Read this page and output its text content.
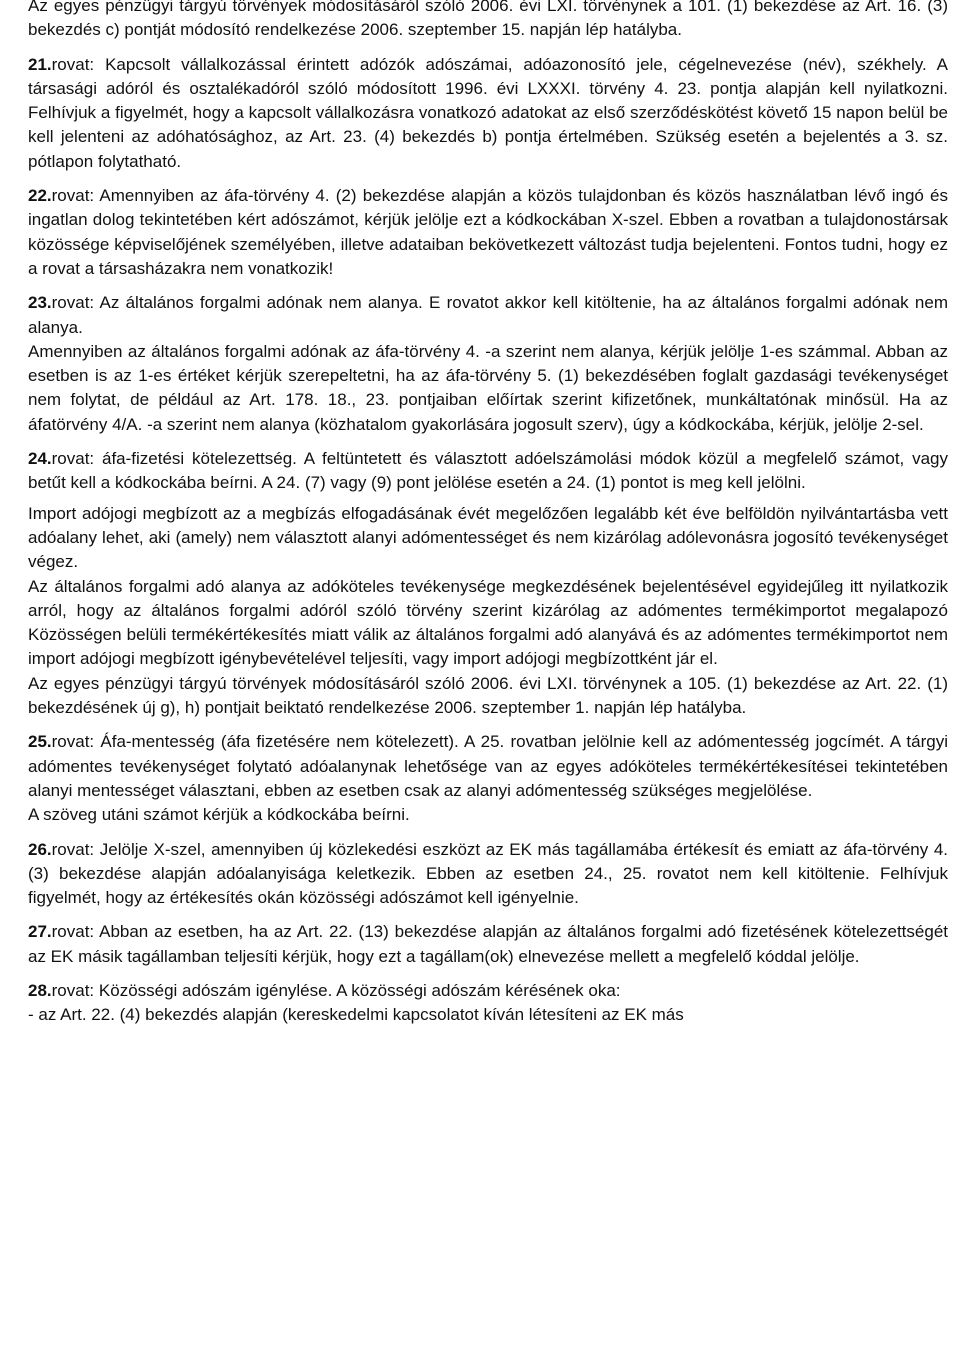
Az egyes pénzügyi tárgyú törvények módosításáról szóló 2006. évi LXI. törvénynek a 101. (1) bekezdése az Art. 16. (3) bekezdés c) pontját módosító rendelkezése 2006. szeptember 15. napján lép hatályba.

21.rovat: Kapcsolt vállalkozással érintett adózók adószámai, adóazonosító jele, cégelnevezése (név), székhely. A társasági adóról és osztalékadóról szóló módosított 1996. évi LXXXI. törvény 4. 23. pontja alapján kell nyilatkozni. Felhívjuk a figyelmét, hogy a kapcsolt vállalkozásra vonatkozó adatokat az első szerződéskötést követő 15 napon belül be kell jelenteni az adóhatósághoz, az Art. 23. (4) bekezdés b) pontja értelmében. Szükség esetén a bejelentés a 3. sz. pótlapon folytatható.

22.rovat: Amennyiben az áfa-törvény 4. (2) bekezdése alapján a közös tulajdonban és közös használatban lévő ingó és ingatlan dolog tekintetében kért adószámot, kérjük jelölje ezt a kódkockában X-szel. Ebben a rovatban a tulajdonostársak közössége képviselőjének személyében, illetve adataiban bekövetkezett változást tudja bejelenteni. Fontos tudni, hogy ez a rovat a társasházakra nem vonatkozik!

23.rovat: Az általános forgalmi adónak nem alanya. E rovatot akkor kell kitöltenie, ha az általános forgalmi adónak nem alanya.

Amennyiben az általános forgalmi adónak az áfa-törvény 4. -a szerint nem alanya, kérjük jelölje 1-es számmal. Abban az esetben is az 1-es értéket kérjük szerepeltetni, ha az áfa-törvény 5. (1) bekezdésében foglalt gazdasági tevékenységet nem folytat, de például az Art. 178. 18., 23. pontjaiban előírtak szerint kifizetőnek, munkáltatónak minősül. Ha az áfatörvény 4/A. -a szerint nem alanya (közhatalom gyakorlására jogosult szerv), úgy a kódkockába, kérjük, jelölje 2-sel.

24.rovat: áfa-fizetési kötelezettség. A feltüntetett és választott adóelszámolási módok közül a megfelelő számot, vagy betűt kell a kódkockába beírni. A 24. (7) vagy (9) pont jelölése esetén a 24. (1) pontot is meg kell jelölni.

Import adójogi megbízott az a megbízás elfogadásának évét megelőzően legalább két éve belföldön nyilvántartásba vett adóalany lehet, aki (amely) nem választott alanyi adómentességet és nem kizárólag adólevonásra jogosító tevékenységet végez.

Az általános forgalmi adó alanya az adóköteles tevékenysége megkezdésének bejelentésével egyidejűleg itt nyilatkozik arról, hogy az általános forgalmi adóról szóló törvény szerint kizárólag az adómentes termékimportot megalapozó Közösségen belüli termékértékesítés miatt válik az általános forgalmi adó alanyává és az adómentes termékimportot nem import adójogi megbízott igénybevételével teljesíti, vagy import adójogi megbízottként jár el.

Az egyes pénzügyi tárgyú törvények módosításáról szóló 2006. évi LXI. törvénynek a 105. (1) bekezdése az Art. 22. (1) bekezdésének új g), h) pontjait beiktató rendelkezése 2006. szeptember 1. napján lép hatályba.

25.rovat: Áfa-mentesség (áfa fizetésére nem kötelezett). A 25. rovatban jelölnie kell az adómentesség jogcímét. A tárgyi adómentes tevékenységet folytató adóalanynak lehetősége van az egyes adóköteles termékértékesítései tekintetében alanyi mentességet választani, ebben az esetben csak az alanyi adómentesség szükséges megjelölése.

A szöveg utáni számot kérjük a kódkockába beírni.

26.rovat: Jelölje X-szel, amennyiben új közlekedési eszközt az EK más tagállamába értékesít és emiatt az áfa-törvény 4. (3) bekezdése alapján adóalanyisága keletkezik. Ebben az esetben 24., 25. rovatot nem kell kitöltenie. Felhívjuk figyelmét, hogy az értékesítés okán közösségi adószámot kell igényelnie.

27.rovat: Abban az esetben, ha az Art. 22. (13) bekezdése alapján az általános forgalmi adó fizetésének kötelezettségét az EK másik tagállamban teljesíti kérjük, hogy ezt a tagállam(ok) elnevezése mellett a megfelelő kóddal jelölje.

28.rovat: Közösségi adószám igénylése. A közösségi adószám kérésének oka:

- az Art. 22. (4) bekezdés alapján (kereskedelmi kapcsolatot kíván létesíteni az EK más
